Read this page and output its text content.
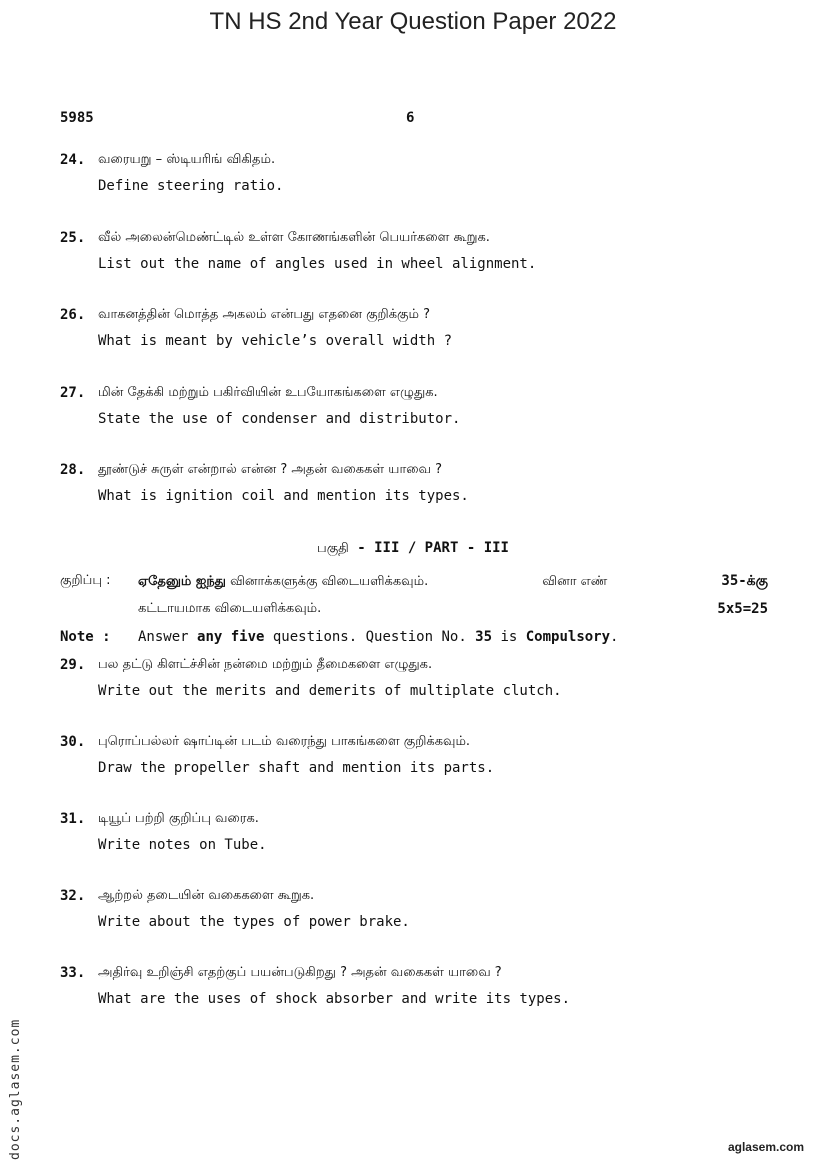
TN HS 2nd Year Question Paper 2022
5985	6
24. வரையறு – ஸ்டியரிங் விகிதம்.
Define steering ratio.
25. வீல் அலைன்மெண்ட்டில் உள்ள கோணங்களின் பெயர்களை கூறுக.
List out the name of angles used in wheel alignment.
26. வாகனத்தின் மொத்த அகலம் என்பது எதனை குறிக்கும் ?
What is meant by vehicle’s overall width ?
27. மின் தேக்கி மற்றும் பகிர்வியின் உபயோகங்களை எழுதுக.
State the use of condenser and distributor.
28. தூண்டுச் சுருள் என்றால் என்ன ? அதன் வகைகள் யாவை ?
What is ignition coil and mention its types.
பகுதி - III / PART - III
குறிப்பு : ஏதேனும் ஐந்து வினாக்களுக்கு விடையளிக்கவும்.	வினா எண்	35-க்கு
கட்டாயமாக விடையளிக்கவும்.	5x5=25
Note : Answer any five questions. Question No. 35 is Compulsory.
29. பல தட்டு கிளட்ச்சின் நன்மை மற்றும் தீமைகளை எழுதுக.
Write out the merits and demerits of multiplate clutch.
30. புரொப்பல்லர் ஷாப்டின் படம் வரைந்து பாகங்களை குறிக்கவும்.
Draw the propeller shaft and mention its parts.
31. டியூப் பற்றி குறிப்பு வரைக.
Write notes on Tube.
32. ஆற்றல் தடையின் வகைகளை கூறுக.
Write about the types of power brake.
33. அதிர்வு உறிஞ்சி எதற்குப் பயன்படுகிறது ? அதன் வகைகள் யாவை ?
What are the uses of shock absorber and write its types.
docs.aglasem.com	aglasem.com
